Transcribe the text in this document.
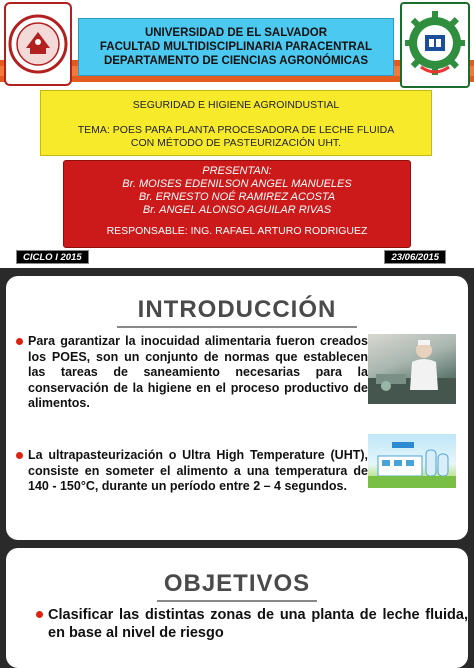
UNIVERSIDAD DE EL SALVADOR
FACULTAD MULTIDISCIPLINARIA PARACENTRAL
DEPARTAMENTO DE CIENCIAS AGRONÓMICAS
SEGURIDAD E HIGIENE AGROINDUSTIAL
TEMA: POES PARA PLANTA PROCESADORA DE LECHE FLUIDA
CON MÉTODO DE PASTEURIZACIÓN UHT.
PRESENTAN:
Br. MOISES EDENILSON ANGEL MANUELES
Br. ERNESTO NOÉ RAMIREZ ACOSTA
Br. ANGEL ALONSO AGUILAR RIVAS
RESPONSABLE: ING. RAFAEL ARTURO RODRIGUEZ
CICLO I 2015	23/06/2015
INTRODUCCIÓN
Para garantizar la inocuidad alimentaria fueron creados los POES, son un conjunto de normas que establecen las tareas de saneamiento necesarias para la conservación de la higiene en el proceso productivo de alimentos.
La ultrapasteurización o Ultra High Temperature (UHT), consiste en someter el alimento a una temperatura de 140 - 150°C, durante un período entre 2 – 4 segundos.
OBJETIVOS
Clasificar las distintas zonas de una planta de leche fluida, en base al nivel de riesgo
